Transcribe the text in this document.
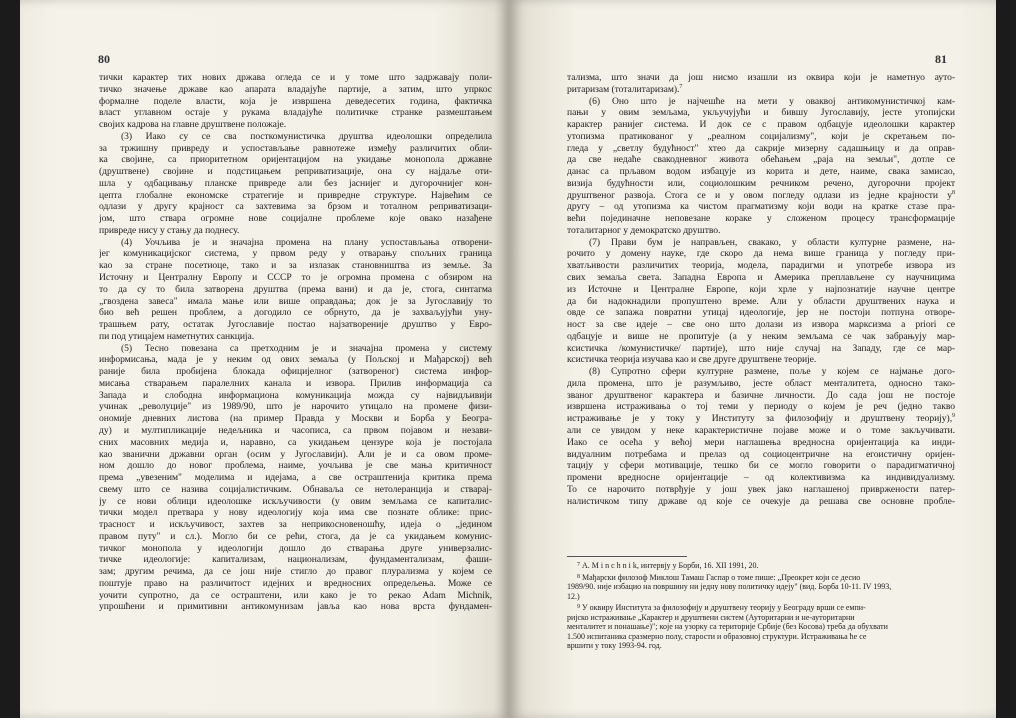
80
тички карактер тих нових држава огледа се и у томе што задржавају поли-
тичко значење државе као апарата владајуће партије, а затим, што упркос
формалне поделе власти, која је извршена деведесетих година, фактичка
власт углавном остаје у рукама владајуће политичке странке размештањем
својих кадрова на главне друштвене положаје.
(3) Иако су се сва посткомунистичка друштва идеолошки определила
за тржишну привреду и успостављање равнотеже између различитих обли-
ка својине, са приоритетном оријентацијом на укидање монопола државне
(друштвене) својине и подстицањем реприватизације, она су најдаље оти-
шла у одбацивању планске привреде али без јаснијег и дугорочнијег кон-
цепта глобалне економске стратегије и привредне структуре. Највећим се
одлази у другу крајност са захтевима за брзом и тоталном реприватизаци-
јом, што ствара огромне нове социјалне проблеме које овако назађене
привреде нису у стању да поднесу.
(4) Уочљива је и значајна промена на плану успостављања отворени-
јег комуникацијског система, у првом реду у отварању спољних граница
као за стране посетиоце, тако и за излазак становништва из земље. За
Источну и Централну Европу и СССР то је огромна промена с обзиром на
то да су то била затворена друштва (према вани) и да је, стога, синтагма
„гвоздена завеса" имала мање или више оправдања; док је за Југославију то
био већ решен проблем, а догодило се обрнуто, да је захваљујући уну-
трашњем рату, остатак Југославије постао најзатвореније друштво у Евро-
пи под утицајем наметнутих санкција.
(5) Тесно повезана са претходним је и значајна промена у систему
информисања, мада је у неким од ових земаља (у Пољској и Мађарској) већ
раније била пробијена блокада официјелног (затвореног) система инфор-
мисања стварањем паралелних канала и извора. Прилив информација са
Запада и слободна информациона комуникација можда су највидљивији
учинак „револуције" из 1989/90, што је нарочито утицало на промене физи-
ономије дневних листова (на пример Правда у Москви и Борба у Београ-
ду) и мултипликације недељника и часописа, са првом појавом и незави-
сних масовних медија и, наравно, са укидањем цензуре која је постојала
као званични државни орган (осим у Југославији). Али је и са овом проме-
ном дошло до новог проблема, наиме, уочљива је све мања критичност
према „увезеним" моделима и идејама, а све остраштенија критика према
свему што се назива социјалистичким. Обнаваља се нетолеранција и стварај-
ју се нови облици идеолошке искључивости (у овим земљама се капиталис-
тички модел претвара у нову идеологију која има све познате облике: прис-
трасност и искључивост, захтев за неприкосновеношћу, идеја о „једином
правом путу" и сл.). Могло би се рећи, стога, да је са укидањем комунис-
тичког монопола у идеологији дошло до стварања друге универзалис-
тичке идеологије: капитализам, национализам, фундаментализам, фаши-
зам; другим речима, да се још није стигло до правог плурализма у којем се
поштује право на различитост идејних и вредносних опредељења. Може се
уочити супротно, да се остраштени, или како је то рекао Adam Michnik,
упрошћени и примитивни антикомунизам јавља као нова врста фундамен-
81
тализма, што значи да још нисмо изашли из оквира који је наметнуо ауто-
ритаризам (тоталитаризам).$^7$
(6) Оно што је најчешће на мети у оваквој антикомунистичкој кам-
пањи у овим земљама, укључујући и бившу Југославију, јесте утопијски
карактер ранијег система. И док се с правом одбацује идеолошки карактер
утопизма пратикованог у „реалном социјализму", који је скретањем по-
гледа у „светлу будућност" хтео да сакрије мизерну садашњицу и да оправ-
да све недаће свакодневног живота обећањем „раја на земљи", дотле се
данас са прљавом водом избацује из корита и дете, наиме, свака замисао,
визија будућности или, социолошким речником речено, дугорочни пројект
друштвеног развоја. Стога се и у овом погледу одлази из једне крајности $у^8$
другу – од утопизма ка чистом прагматизму који води на кратке стазе пра-
већи појединачне неповезане кораке у сложеном процесу трансформације
тоталитарног у демократско друштво.
(7) Прави бум је направљен, свакако, у области културне размене, на-
рочито у домену науке, где скоро да нема више граница у погледу при-
хватљивости различитих теорија, модела, парадигми и употребе извора из
свих земаља света. Западна Европа и Америка преплављене су научницима
из Источне и Централне Европе, који хрле у најпознатије научне центре
да би надокнадили пропуштено време. Али у области друштвених наука и
овде се запажа повратни утицај идеологије, јер не постоји потпуна отворе-
ност за све идеје – све оно што долази из извора марксизма а priori се
одбацује и више не пропитује (а у неким земљама се чак забрањују мар-
ксистичка /комунистичке/ партије), што није случај на Западу, где се мар-
ксистичка теорија изучава као и све друге друштвене теорије.
(8) Супротно сфери културне размене, поље у којем се најмање дого-
дила промена, што је разумљиво, јесте област менталитета, односно тако-
званог друштвеног карактера и базичне личности. До сада још не постоје
извршена истраживања о тој теми у периоду о којем је реч (једно такво
истраживање је у току у Институту за филозофију и друштвену теорију),$^9$
али се увидом у неке карактеристичне појаве може и о томе закључивати.
Иако се осећа у већој мери наглашења вредносна оријентација ка инди-
видуалним потребама и прелаз од социоцентричне на егоистичну оријен-
тацију у сфери мотивације, тешко би се могло говорити о парадигматичној
промени вредносне оријентације – од колективизма ка индивидуализму.
То се нарочито потврђује у још увек јако наглашеној привржености патер-
налистичком типу државе од које се очекује да решава све основне пробле-
$^7$ A. M i n c h n i k, интервју у Борби, 16. XII 1991, 20.
$^8$ Мађарски филозоф Миклош Тамаш Гаспар о томе пише: „Преокрет који се десио
1989/90. није избацио на површину ни једну нову политичку идеју" (вид. Борба 10-11. IV 1993,
12.)
$^9$ У оквиру Института за филозофију и друштвену теорију у Београду врши се емпи-
ријско истраживање „Карактер и друштвени систем (Ауторитарни и не-ауторитарни
менталитет и понашање)"; које на узорку са територије Србије (без Косова) треба да обухвати
1.500 испитаника сразмерно полу, старости и образовној структури. Истраживања ће се
вршити у току 1993-94. год.
